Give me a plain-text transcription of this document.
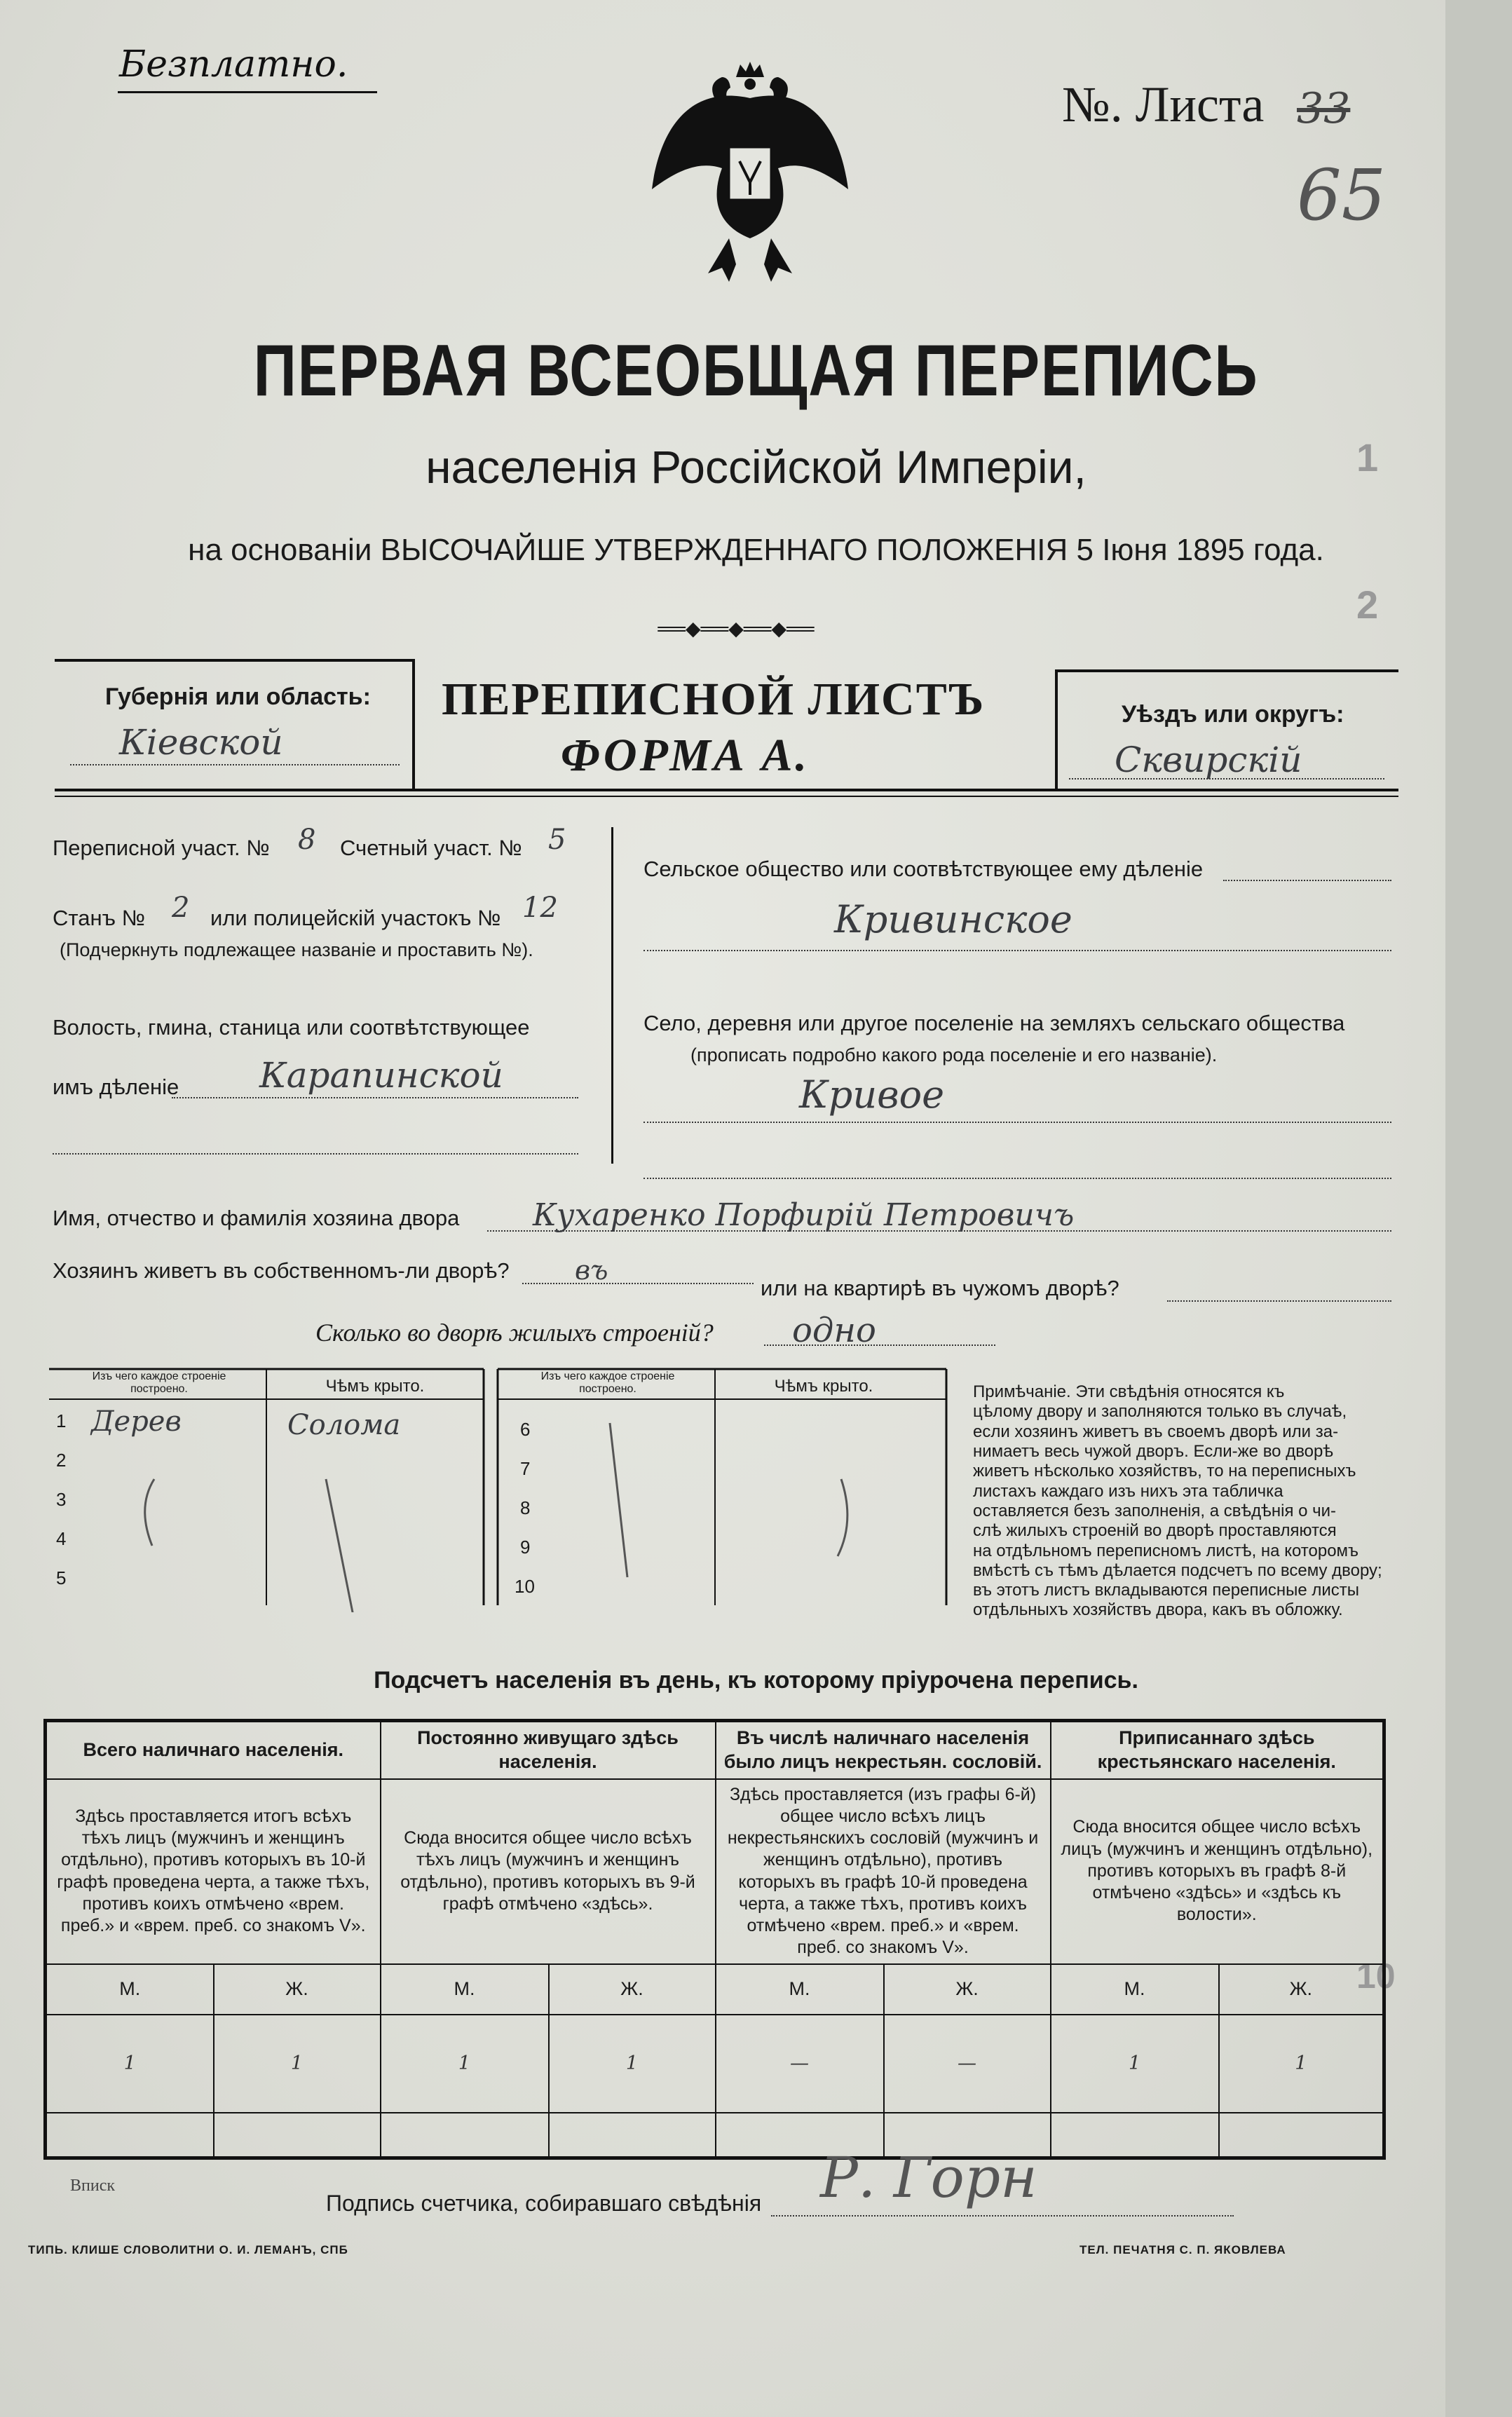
1
2
10
Безплатно.
№. Листа 33
65
ПЕРВАЯ ВСЕОБЩАЯ ПЕРЕПИСЬ
населенія Россійской Имперіи,
на основаніи ВЫСОЧАЙШЕ УТВЕРЖДЕННАГО ПОЛОЖЕНІЯ 5 Іюня 1895 года.
══◆══◆══◆══
Губернія или область:
Кіевской
ПЕРЕПИСНОЙ ЛИСТЪ
ФОРМА А.
Уѣздъ или округъ:
Сквирскій
Переписной участ. № 8 Счетный участ. № 5
Станъ № 2 или полицейскій участокъ № 12
(Подчеркнуть подлежащее названіе и проставить №).
Волость, гмина, станица или соотвѣтствующее
имъ дѣленіе Карапинской
Сельское общество или соотвѣтствующее ему дѣленіе
Кривинское
Село, деревня или другое поселеніе на земляхъ сельскаго общества
(прописать подробно какого рода поселеніе и его названіе).
Кривое
Имя, отчество и фамилія хозяина двора Кухаренко Порфирій Петровичъ
Хозяинъ живетъ въ собственномъ-ли дворѣ? въ
или на квартирѣ въ чужомъ дворѣ?
Сколько во дворѣ жилыхъ строеній? одно
Изъ чего каждое строеніе построено.	Чѣмъ крыто.
Изъ чего каждое строеніе построено.	Чѣмъ крыто.
1
2
3
4
5
6
7
8
9
10
Дерев	Солома
Примѣчаніе. Эти свѣдѣнія относятся къ
цѣлому двору и заполняются только въ случаѣ,
если хозяинъ живетъ въ своемъ дворѣ или за-
нимаетъ весь чужой дворъ. Если-же во дворѣ
живетъ нѣсколько хозяйствъ, то на переписныхъ
листахъ каждаго изъ нихъ эта табличка
оставляется безъ заполненія, а свѣдѣнія о чи-
слѣ жилыхъ строеній во дворѣ проставляются
на отдѣльномъ переписномъ листѣ, на которомъ
вмѣстѣ съ тѣмъ дѣлается подсчетъ по всему двору;
въ этотъ листъ вкладываются переписные листы
отдѣльныхъ хозяйствъ двора, какъ въ обложку.
Подсчетъ населенія въ день, къ которому пріурочена перепись.
Всего наличнаго населенія.		Постоянно живущаго здѣсь населенія.		Въ числѣ наличнаго населенія было лицъ некрестьян. сословій.		Приписаннаго здѣсь крестьянскаго населенія.	
Здѣсь проставляется итогъ всѣхъ тѣхъ лицъ (мужчинъ и женщинъ отдѣльно), противъ которыхъ въ 10-й графѣ проведена черта, а также тѣхъ, противъ коихъ отмѣчено «врем. преб.» и «врем. преб. со знакомъ V».		Сюда вносится общее число всѣхъ тѣхъ лицъ (мужчинъ и женщинъ отдѣльно), противъ которыхъ въ 9-й графѣ отмѣчено «здѣсь».		Здѣсь проставляется (изъ графы 6-й) общее число всѣхъ лицъ некрестьянскихъ сословій (мужчинъ и женщинъ отдѣльно), противъ которыхъ въ графѣ 10-й проведена черта, а также тѣхъ, противъ коихъ отмѣчено «врем. преб.» и «врем. преб. со знакомъ V».		Сюда вносится общее число всѣхъ лицъ (мужчинъ и женщинъ отдѣльно), противъ которыхъ въ графѣ 8-й отмѣчено «здѣсь» и «здѣсь къ волости».	
М.	Ж.	М.	Ж.	М.	Ж.	М.	Ж.
1	1	1	1	—	—	1	1

Вписк
Подпись счетчика, собиравшаго свѣдѣнія Р. Горн
ТИПЬ. КЛИШЕ СЛОВОЛИТНИ О. И. ЛЕМАНЪ, СПБ	ТЕЛ. ПЕЧАТНЯ С. П. ЯКОВЛЕВА
